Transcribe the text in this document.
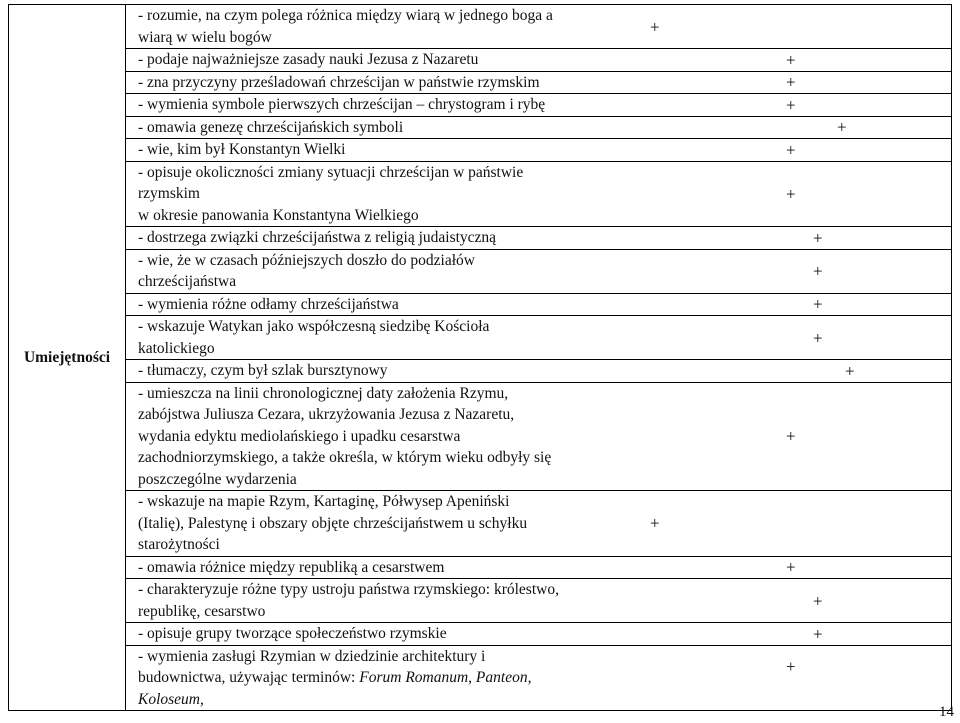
Umiejętności	
- rozumie, na czym polega różnica między wiarą w jednego boga a
wiarą w wielu bogów
+

- podaje najważniejsze zasady nauki Jezusa z Nazaretu	+

- zna przyczyny prześladowań chrześcijan w państwie rzymskim	+

- wymienia symbole pierwszych chrześcijan – chrystogram i rybę	+

- omawia genezę chrześcijańskich symboli	+

- wie, kim był Konstantyn Wielki	+

- opisuje okoliczności zmiany sytuacji chrześcijan w państwie
rzymskim
w okresie panowania Konstantyna Wielkiego
+

- dostrzega związki chrześcijaństwa z religią judaistyczną	+

- wie, że w czasach późniejszych doszło do podziałów
chrześcijaństwa
+

- wymienia różne odłamy chrześcijaństwa	+

- wskazuje Watykan jako współczesną siedzibę Kościoła
katolickiego
+

- tłumaczy, czym był szlak bursztynowy	+

- umieszcza na linii chronologicznej daty założenia Rzymu,
zabójstwa Juliusza Cezara, ukrzyżowania Jezusa z Nazaretu,
wydania edyktu mediolańskiego i upadku cesarstwa
zachodniorzymskiego, a także określa, w którym wieku odbyły się
poszczególne wydarzenia
+

- wskazuje na mapie Rzym, Kartaginę, Półwysep Apeniński
(Italię), Palestynę i obszary objęte chrześcijaństwem u schyłku
starożytności
+

- omawia różnice między republiką a cesarstwem	+

- charakteryzuje różne typy ustroju państwa rzymskiego: królestwo,
republikę, cesarstwo
+

- opisuje grupy tworzące społeczeństwo rzymskie	+

- wymienia zasługi Rzymian w dziedzinie architektury i
budownictwa, używając terminów: Forum Romanum, Panteon,
Koloseum,
+
14
